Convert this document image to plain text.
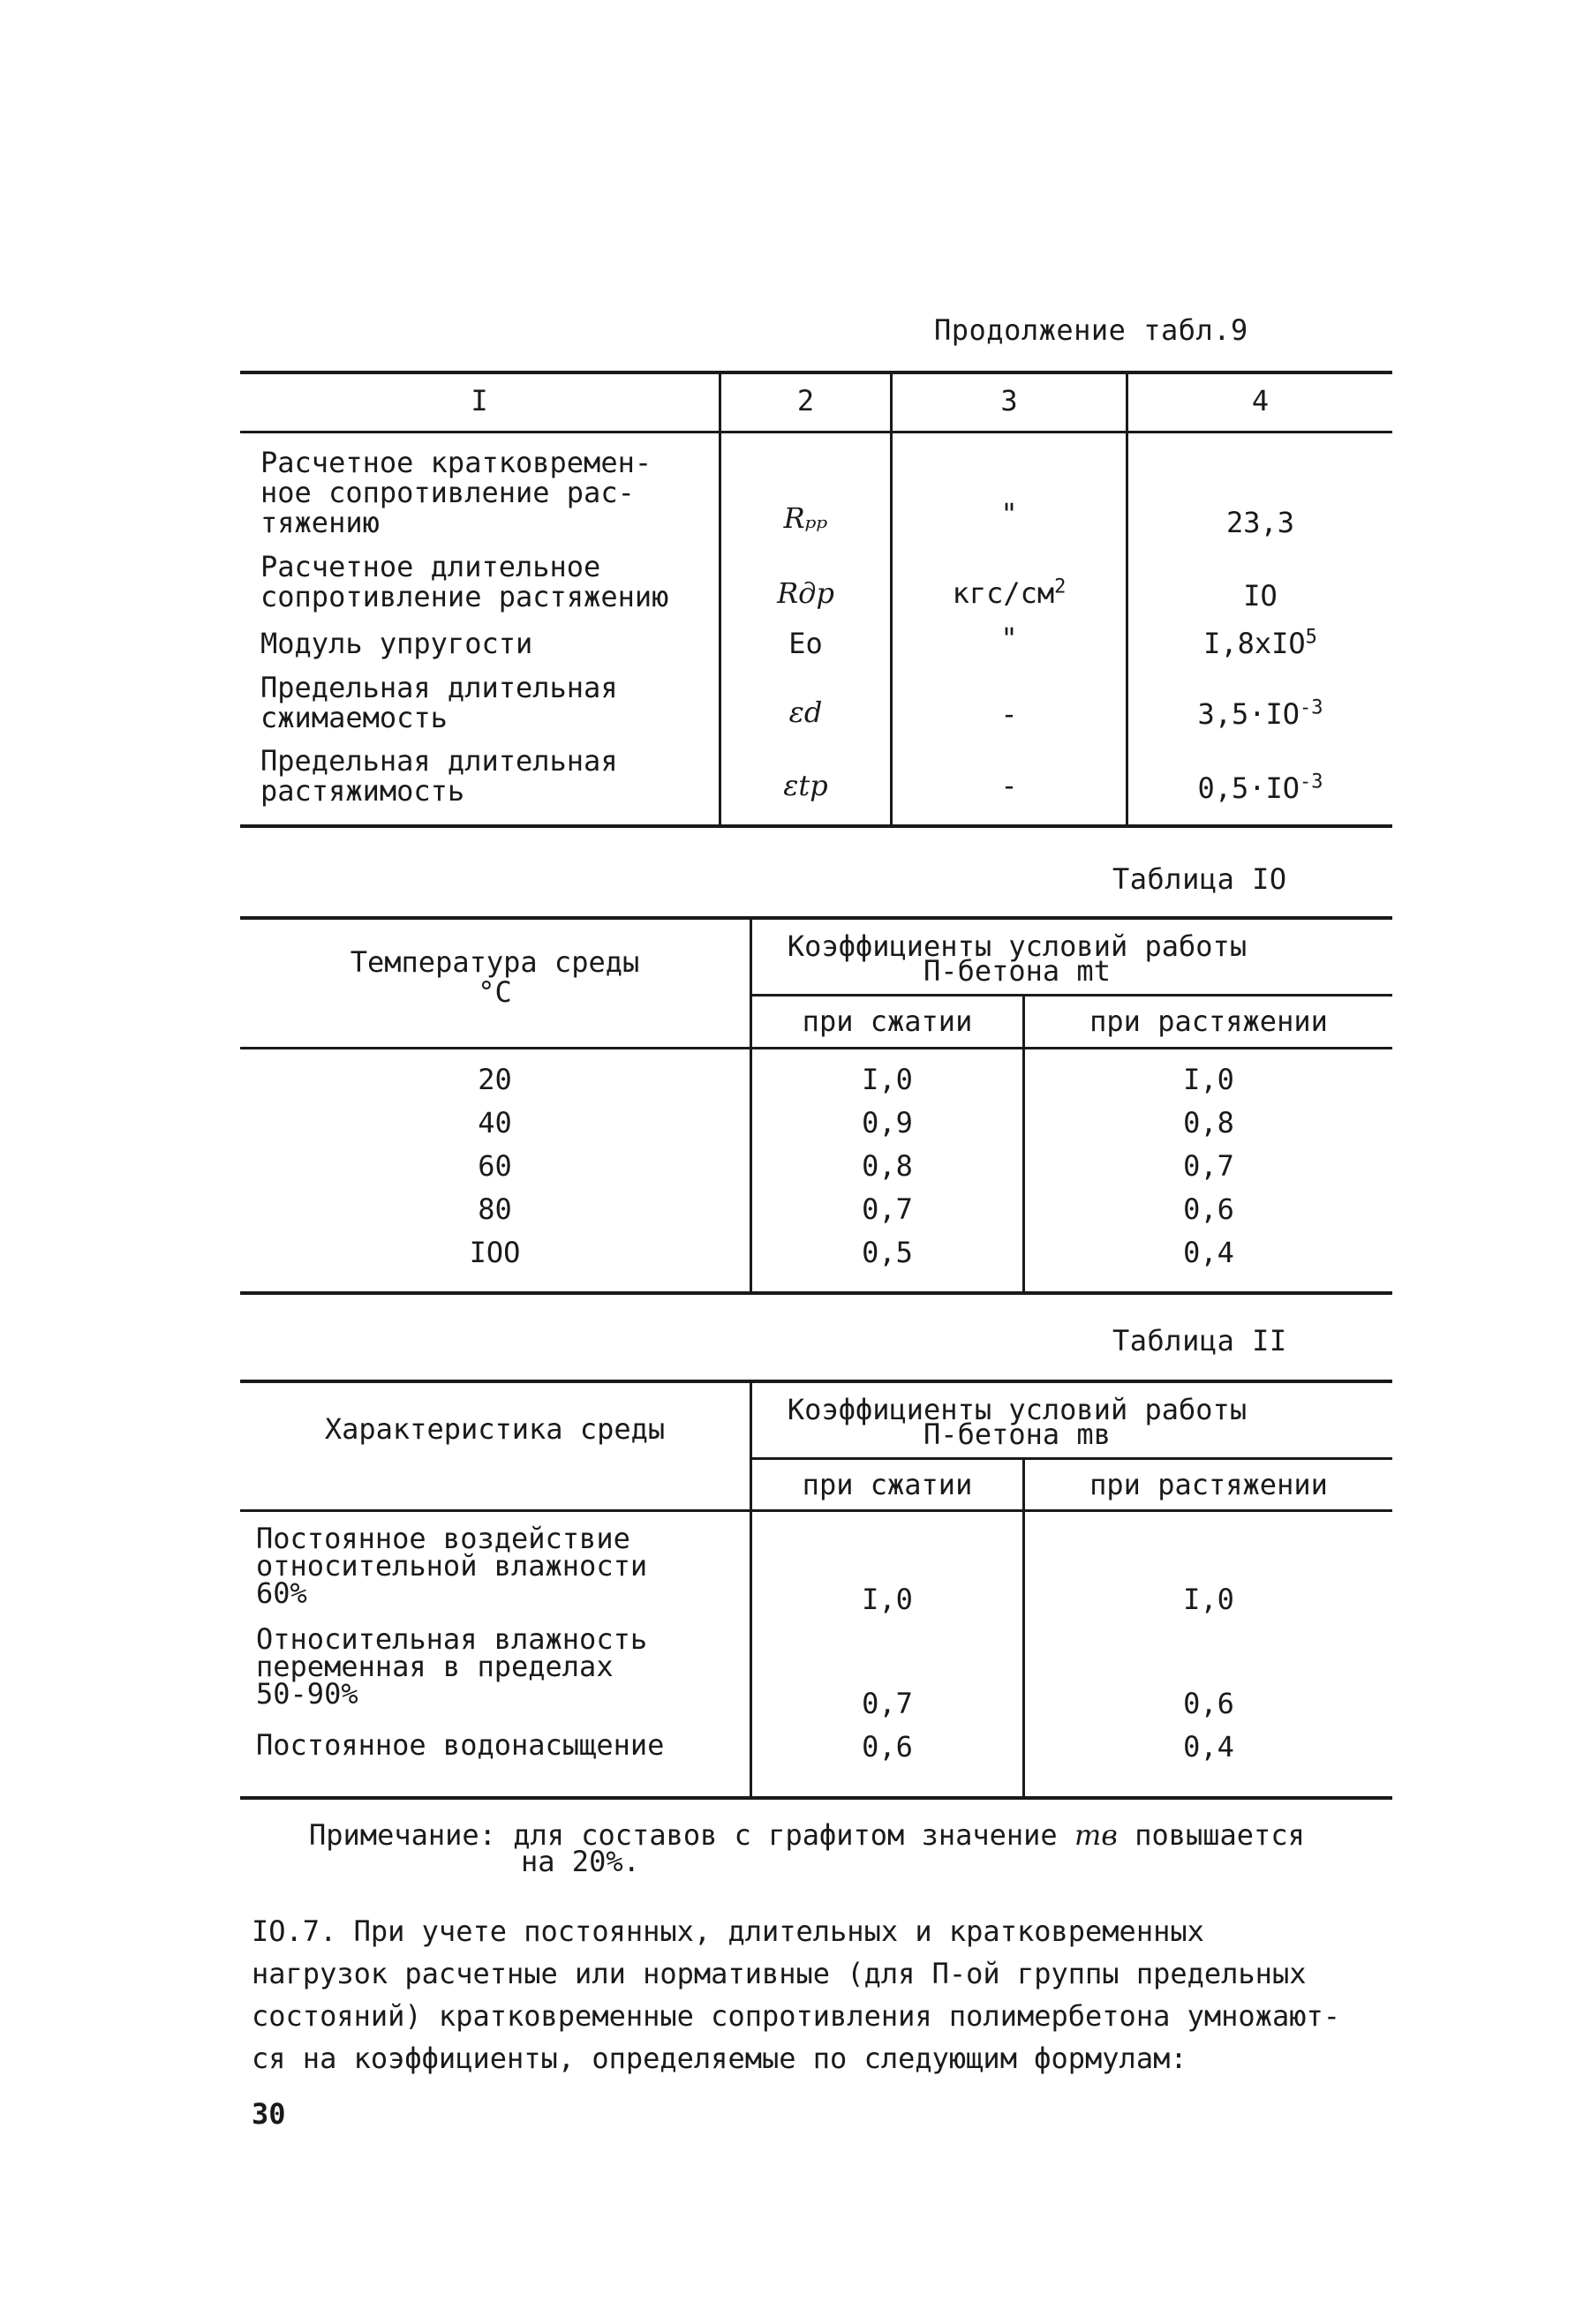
Продолжение табл.9
I	2	3	4
Расчетное кратковремен-
ное сопротивление рас-
тяжению	Rₚₚ	"	23,3
Расчетное длительное
сопротивление растяжению	Rдр	кгс/$см^2$	IO
Модуль упругости	Eo	"	I,8xIO$^5$
Предельная длительная
сжимаемость	εd	-	$3,5\cdot IO^{-3}$
Предельная длительная
растяжимость	εtp	-	$0,5\cdot IO^{-3}$
Таблица IO
Температура среды
°C
Коэффициенты условий работы
П-бетона mt
при сжатии	при растяжении
20	I,0	I,0
40	0,9	0,8
60	0,8	0,7
80	0,7	0,6
IOO	0,5	0,4
Таблица II
Характеристика среды
Коэффициенты условий работы
П-бетона mв
при сжатии	при растяжении
Постоянное воздействие
относительной влажности
60%	I,0	I,0
Относительная влажность
переменная в пределах
50-90%	0,7	0,6
Постоянное водонасыщение	0,6	0,4
Примечание: для составов с графитом значение mв повышается
на 20%.
IO.7. При учете постоянных, длительных и кратковременных
нагрузок расчетные или нормативные (для П-ой группы предельных
состояний) кратковременные сопротивления полимербетона умножают-
ся на коэффициенты, определяемые по следующим формулам:
30
